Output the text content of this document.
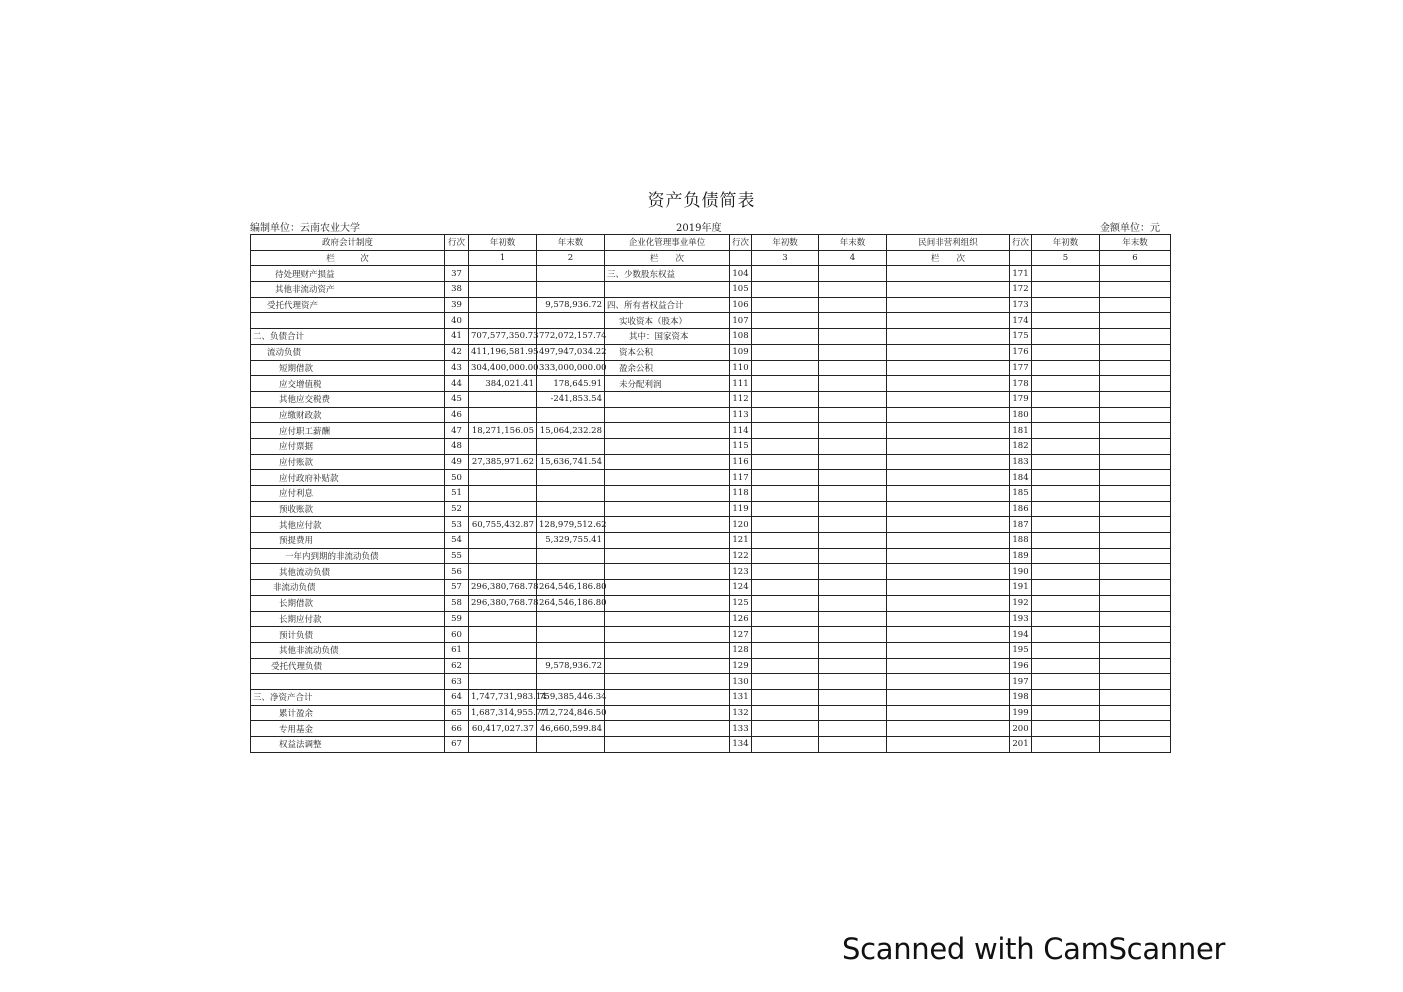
资产负债简表
编制单位：云南农业大学	2019年度	金额单位：元
政府会计制度	行次	年初数	年末数	企业化管理事业单位	行次	年初数	年末数	民间非营利组织	行次	年初数	年末数
栏　　　次		1	2	栏　　次		3	4	栏　　次		5	6
待处理财产损益	37			三、少数股东权益	104				171		
其他非流动资产	38				105				172		
受托代理资产	39		9,578,936.72	四、所有者权益合计	106				173		
	40			实收资本（股本）	107				174		
二、负债合计	41	707,577,350.73	772,072,157.74	其中：国家资本	108				175		
流动负债	42	411,196,581.95	497,947,034.22	资本公积	109				176		
短期借款	43	304,400,000.00	333,000,000.00	盈余公积	110				177		
应交增值税	44	384,021.41	178,645.91	未分配利润	111				178		
其他应交税费	45		-241,853.54		112				179		
应缴财政款	46				113				180		
应付职工薪酬	47	18,271,156.05	15,064,232.28		114				181		
应付票据	48				115				182		
应付账款	49	27,385,971.62	15,636,741.54		116				183		
应付政府补贴款	50				117				184		
应付利息	51				118				185		
预收账款	52				119				186		
其他应付款	53	60,755,432.87	128,979,512.62		120				187		
预提费用	54		5,329,755.41		121				188		
一年内到期的非流动负债	55				122				189		
其他流动负债	56				123				190		
非流动负债	57	296,380,768.78	264,546,186.80		124				191		
长期借款	58	296,380,768.78	264,546,186.80		125				192		
长期应付款	59				126				193		
预计负债	60				127				194		
其他非流动负债	61				128				195		
受托代理负债	62		9,578,936.72		129				196		
	63				130				197		
三、净资产合计	64	1,747,731,983.14	759,385,446.34		131				198		
累计盈余	65	1,687,314,955.77	712,724,846.50		132				199		
专用基金	66	60,417,027.37	46,660,599.84		133				200		
权益法调整	67				134				201		
Scanned with CamScanner
